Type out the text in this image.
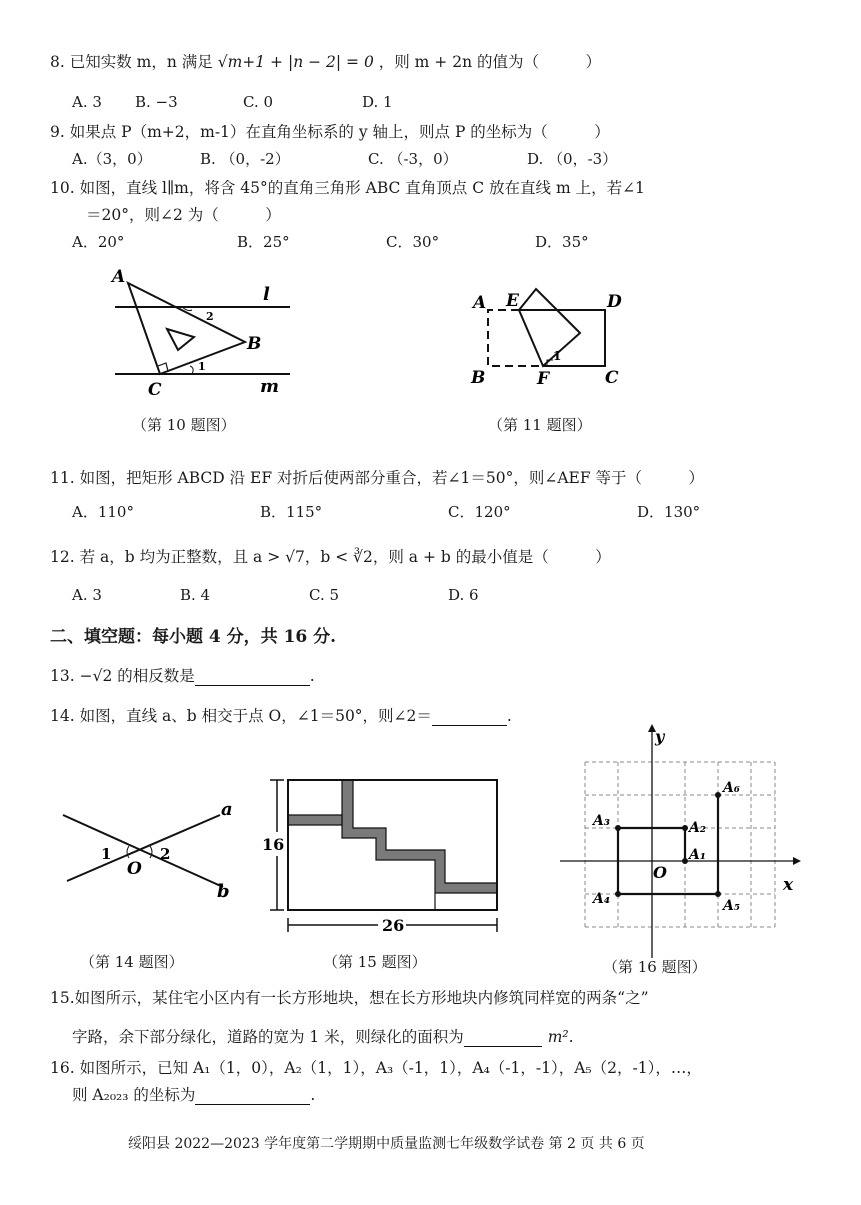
8. 已知实数 m，n 满足 √m+1 + |n − 2| = 0 ，则 m + 2n 的值为（　　　）
A. 3 B. −3	C. 0	D. 1
9. 如果点 P（m+2，m-1）在直角坐标系的 y 轴上，则点 P 的坐标为（　　　）
A.（3，0）	B. （0，-2）	C. （-3，0）	D. （0，-3）
10. 如图，直线 l∥m，将含 45°的直角三角形 ABC 直角顶点 C 放在直线 m 上，若∠1
＝20°，则∠2 为（　　　）
A．20°	B．25°	C．30°	D．35°
A
B
C
l
m
2
1
（第 10 题图）
A E	D
B	F	C
1
（第 11 题图）
11. 如图，把矩形 ABCD 沿 EF 对折后使两部分重合，若∠1＝50°，则∠AEF 等于（　　　）
A．110°	B．115°	C．120°	D．130°
12. 若 a，b 均为正整数，且 a > √7，b < ∛2，则 a + b 的最小值是（　　　）
A. 3	B. 4	C. 5	D. 6
二、填空题：每小题 4 分，共 16 分.
13. −√2 的相反数是	.
14. 如图，直线 a、b 相交于点 O，∠1＝50°，则∠2＝	.
a
b
O
1	2
（第 14 题图）
16
26
（第 15 题图）
y
x
O
A₁
A₂
A₃
A₄	A₅
A₆
（第 16 题图）
15.如图所示，某住宅小区内有一长方形地块，想在长方形地块内修筑同样宽的两条“之”
字路，余下部分绿化，道路的宽为 1 米，则绿化的面积为	m².
16. 如图所示，已知 A₁（1，0），A₂（1，1），A₃（-1，1），A₄（-1，-1），A₅（2，-1），…，
则 A₂₀₂₃ 的坐标为	.
绥阳县 2022—2023 学年度第二学期期中质量监测七年级数学试卷 第 2 页 共 6 页
